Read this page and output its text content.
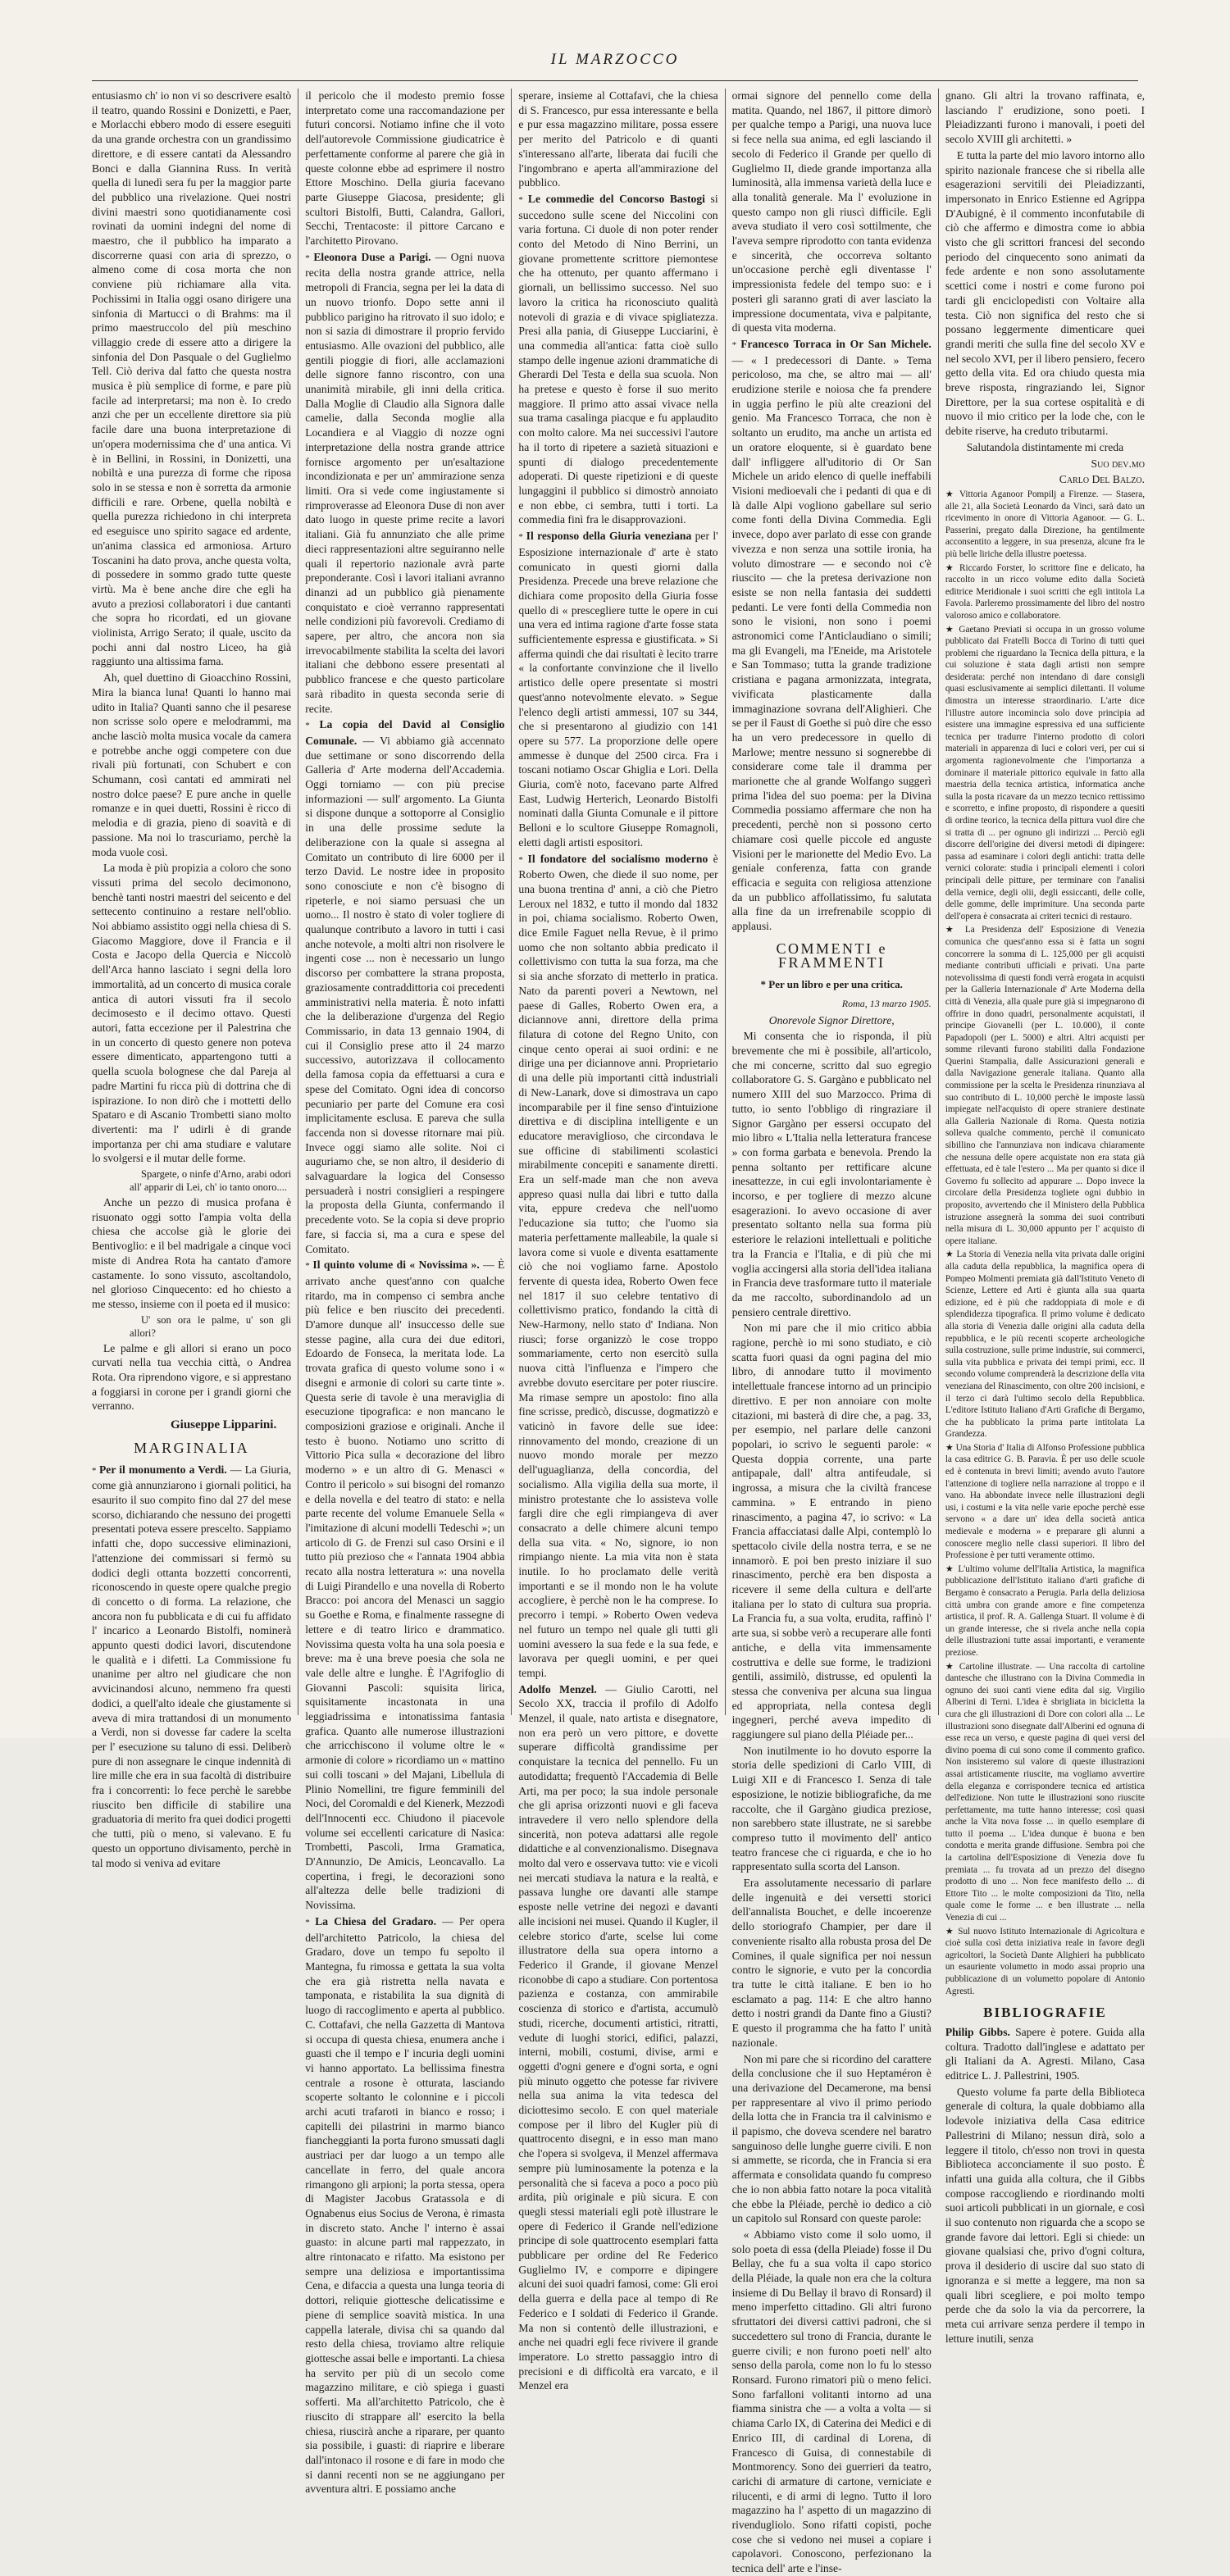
IL MARZOCCO

entusiasmo ch' io non vi so descrivere esaltò il teatro, quando Rossini e Donizetti, e Paer, e Morlacchi ebbero modo di essere eseguiti da una grande orchestra con un grandissimo direttore, e di essere cantati da Alessandro Bonci e dalla Giannina Russ. In verità quella di lunedì sera fu per la maggior parte del pubblico una rivelazione. Quei nostri divini maestri sono quotidianamente così rovinati da uomini indegni del nome di maestro, che il pubblico ha imparato a discorrerne quasi con aria di sprezzo, o almeno come di cosa morta che non conviene più richiamare alla vita. Pochissimi in Italia oggi osano dirigere una sinfonia di Martucci o di Brahms: ma il primo maestruccolo del più meschino villaggio crede di essere atto a dirigere la sinfonia del Don Pasquale o del Guglielmo Tell. Ciò deriva dal fatto che questa nostra musica è più semplice di forme, e pare più facile ad interpretarsi; ma non è. Io credo anzi che per un eccellente direttore sia più facile dare una buona interpretazione di un'opera modernissima che d' una antica. Vi è in Bellini, in Rossini, in Donizetti, una nobiltà e una purezza di forme che riposa solo in se stessa e non è sorretta da armonie difficili e rare. Orbene, quella nobiltà e quella purezza richiedono in chi interpreta ed eseguisce uno spirito sagace ed ardente, un'anima classica ed armoniosa. Arturo Toscanini ha dato prova, anche questa volta, di possedere in sommo grado tutte queste virtù. Ma è bene anche dire che egli ha avuto a preziosi collaboratori i due cantanti che sopra ho ricordati, ed un giovane violinista, Arrigo Serato; il quale, uscito da pochi anni dal nostro Liceo, ha già raggiunto una altissima fama.

Ah, quel duettino di Gioacchino Rossini, Mira la bianca luna! Quanti lo hanno mai udito in Italia? Quanti sanno che il pesarese non scrisse solo opere e melodrammi, ma anche lasciò molta musica vocale da camera e potrebbe anche oggi competere con due rivali più fortunati, con Schubert e con Schumann, così cantati ed ammirati nel nostro dolce paese? E pure anche in quelle romanze e in quei duetti, Rossini è ricco di melodia e di grazia, pieno di soavità e di passione. Ma noi lo trascuriamo, perchè la moda vuole così.

La moda è più propizia a coloro che sono vissuti prima del secolo decimonono, benchè tanti nostri maestri del seicento e del settecento continuino a restare nell'oblio. Noi abbiamo assistito oggi nella chiesa di S. Giacomo Maggiore, dove il Francia e il Costa e Jacopo della Quercia e Niccolò dell'Arca hanno lasciato i segni della loro immortalità, ad un concerto di musica corale antica di autori vissuti fra il secolo decimosesto e il decimo ottavo. Questi autori, fatta eccezione per il Palestrina che in un concerto di questo genere non poteva essere dimenticato, appartengono tutti a quella scuola bolognese che dal Pareja al padre Martini fu ricca più di dottrina che di ispirazione. Io non dirò che i mottetti dello Spataro e di Ascanio Trombetti siano molto divertenti: ma l' udirli è di grande importanza per chi ama studiare e valutare lo svolgersi e il mutar delle forme.

Spargete, o ninfe d'Arno, arabi odori all' apparir di Lei, ch' io tanto onoro....

Anche un pezzo di musica profana è risuonato oggi sotto l'ampia volta della chiesa che accolse già le glorie dei Bentivoglio: e il bel madrigale a cinque voci miste di Andrea Rota ha cantato d'amore castamente. Io sono vissuto, ascoltandolo, nel glorioso Cinquecento: ed ho chiesto a me stesso, insieme con il poeta ed il musico:

U' son ora le palme, u' son gli allori?

Le palme e gli allori si erano un poco curvati nella tua vecchia città, o Andrea Rota. Ora riprendono vigore, e si apprestano a foggiarsi in corone per i grandi giorni che verranno.

Giuseppe Lipparini.
MARGINALIA

* Per il monumento a Verdi. — La Giuria, come già annunziarono i giornali politici, ha esaurito il suo compito fino dal 27 del mese scorso, dichiarando che nessuno dei progetti presentati poteva essere prescelto. Sappiamo infatti che, dopo successive eliminazioni, l'attenzione dei commissari si fermò su dodici degli ottanta bozzetti concorrenti, riconoscendo in queste opere qualche pregio di concetto o di forma. La relazione, che ancora non fu pubblicata e di cui fu affidato l' incarico a Leonardo Bistolfi, nominerà appunto questi dodici lavori, discutendone le qualità e i difetti. La Commissione fu unanime per altro nel giudicare che non avvicinandosi alcuno, nemmeno fra questi dodici, a quell'alto ideale che giustamente si aveva di mira trattandosi di un monumento a Verdi, non si dovesse far cadere la scelta per l' esecuzione su taluno di essi. Deliberò pure di non assegnare le cinque indennità di lire mille che era in sua facoltà di distribuire fra i concorrenti: lo fece perchè le sarebbe riuscito ben difficile di stabilire una graduatoria di merito fra quei dodici progetti che tutti, più o meno, si valevano. E fu questo un opportuno divisamento, perchè in tal modo si veniva ad evitare

il pericolo che il modesto premio fosse interpretato come una raccomandazione per futuri concorsi. Notiamo infine che il voto dell'autorevole Commissione giudicatrice è perfettamente conforme al parere che già in queste colonne ebbe ad esprimere il nostro Ettore Moschino. Della giuria facevano parte Giuseppe Giacosa, presidente; gli scultori Bistolfi, Butti, Calandra, Gallori, Secchi, Trentacoste: il pittore Carcano e l'architetto Pirovano.

* Eleonora Duse a Parigi. — Ogni nuova recita della nostra grande attrice, nella metropoli di Francia, segna per lei la data di un nuovo trionfo. Dopo sette anni il pubblico parigino ha ritrovato il suo idolo; e non si sazia di dimostrare il proprio fervido entusiasmo. Alle ovazioni del pubblico, alle gentili pioggie di fiori, alle acclamazioni delle signore fanno riscontro, con una unanimità mirabile, gli inni della critica. Dalla Moglie di Claudio alla Signora dalle camelie, dalla Seconda moglie alla Locandiera e al Viaggio di nozze ogni interpretazione della nostra grande attrice fornisce argomento per un'esaltazione incondizionata e per un' ammirazione senza limiti. Ora si vede come ingiustamente si rimproverasse ad Eleonora Duse di non aver dato luogo in queste prime recite a lavori italiani. Già fu annunziato che alle prime dieci rappresentazioni altre seguiranno nelle quali il repertorio nazionale avrà parte preponderante. Così i lavori italiani avranno dinanzi ad un pubblico già pienamente conquistato e cioè verranno rappresentati nelle condizioni più favorevoli. Crediamo di sapere, per altro, che ancora non sia irrevocabilmente stabilita la scelta dei lavori italiani che debbono essere presentati al pubblico francese e che questo particolare sarà ribadito in questa seconda serie di recite.

* La copia del David al Consiglio Comunale. — Vi abbiamo già accennato due settimane or sono discorrendo della Galleria d' Arte moderna dell'Accademia. Oggi torniamo — con più precise informazioni — sull' argomento. La Giunta si dispone dunque a sottoporre al Consiglio in una delle prossime sedute la deliberazione con la quale si assegna al Comitato un contributo di lire 6000 per il terzo David. Le nostre idee in proposito sono conosciute e non c'è bisogno di ripeterle, e noi siamo persuasi che un uomo... Il nostro è stato di voler togliere di qualunque contributo a lavoro in tutti i casi anche notevole, a molti altri non risolvere le ingenti cose ... non è necessario un lungo discorso per combattere la strana proposta, graziosamente contraddittoria coi precedenti amministrativi nella materia. È noto infatti che la deliberazione d'urgenza del Regio Commissario, in data 13 gennaio 1904, di cui il Consiglio prese atto il 24 marzo successivo, autorizzava il collocamento della famosa copia da effettuarsi a cura e spese del Comitato. Ogni idea di concorso pecuniario per parte del Comune era così implicitamente esclusa. E pareva che sulla faccenda non si dovesse ritornare mai più. Invece oggi siamo alle solite. Noi ci auguriamo che, se non altro, il desiderio di salvaguardare la logica del Consesso persuaderà i nostri consiglieri a respingere la proposta della Giunta, confermando il precedente voto. Se la copia si deve proprio fare, si faccia si, ma a cura e spese del Comitato.

* Il quinto volume di « Novissima ». — È arrivato anche quest'anno con qualche ritardo, ma in compenso ci sembra anche più felice e ben riuscito dei precedenti. D'amore dunque all' insuccesso delle sue stesse pagine, alla cura dei due editori, Edoardo de Fonseca, la meritata lode. La trovata grafica di questo volume sono i « disegni e armonie di colori su carte tinte ». Questa serie di tavole è una meraviglia di esecuzione tipografica: e non mancano le composizioni graziose e originali. Anche il testo è buono. Notiamo uno scritto di Vittorio Pica sulla « decorazione del libro moderno » e un altro di G. Menasci « Contro il pericolo » sui bisogni del romanzo e della novella e del teatro di stato: e nella parte recente del volume Emanuele Sella « l'imitazione di alcuni modelli Tedeschi »; un articolo di G. de Frenzi sul caso Orsini e il tutto più prezioso che « l'annata 1904 abbia recato alla nostra letteratura »: una novella di Luigi Pirandello e una novella di Roberto Bracco: poi ancora del Menasci un saggio su Goethe e Roma, e finalmente rassegne di lettere e di teatro lirico e drammatico. Novissima questa volta ha una sola poesia e breve: ma è una breve poesia che sola ne vale delle altre e lunghe. È l'Agrifoglio di Giovanni Pascoli: squisita lirica, squisitamente incastonata in una leggiadrissima e intonatissima fantasia grafica. Quanto alle numerose illustrazioni che arricchiscono il volume oltre le « armonie di colore » ricordiamo un « mattino sui colli toscani » del Majani, Libellula di Plinio Nomellini, tre figure femminili del Noci, del Coromaldi e del Kienerk, Mezzodì dell'Innocenti ecc. Chiudono il piacevole volume sei eccellenti caricature di Nasica: Trombetti, Pascoli, Irma Gramatica, D'Annunzio, De Amicis, Leoncavallo. La copertina, i fregi, le decorazioni sono all'altezza delle belle tradizioni di Novissima.

* La Chiesa del Gradaro. — Per opera dell'architetto Patricolo, la chiesa del Gradaro, dove un tempo fu sepolto il Mantegna, fu rimossa e gettata la sua volta che era già ristretta nella navata e tamponata, e ristabilita la sua dignità di luogo di raccoglimento e aperta al pubblico. C. Cottafavi, che nella Gazzetta di Mantova si occupa di questa chiesa, enumera anche i guasti che il tempo e l' incuria degli uomini vi hanno apportato. La bellissima finestra centrale a rosone è otturata, lasciando scoperte soltanto le colonnine e i piccoli archi acuti trafaroti in bianco e rosso; i capitelli dei pilastrini in marmo bianco fiancheggianti la porta furono smussati dagli austriaci per dar luogo a un tempo alle cancellate in ferro, del quale ancora rimangono gli arpioni; la porta stessa, opera di Magister Jacobus Gratassola e di Ognabenus eius Socius de Verona, è rimasta in discreto stato. Anche l' interno è assai guasto: in alcune parti mal rappezzato, in altre rintonacato e rifatto. Ma esistono per sempre una deliziosa e importantissima Cena, e difaccia a questa una lunga teoria di dottori, reliquie giottesche delicatissime e piene di semplice soavità mistica. In una cappella laterale, divisa chi sa quando dal resto della chiesa, troviamo altre reliquie giottesche assai belle e importanti. La chiesa ha servito per più di un secolo come magazzino militare, e ciò spiega i guasti sofferti. Ma all'architetto Patricolo, che è riuscito di strappare all' esercito la bella chiesa, riuscirà anche a riparare, per quanto sia possibile, i guasti: di riaprire e liberare dall'intonaco il rosone e di fare in modo che si danni recenti non se ne aggiungano per avventura altri. E possiamo anche

sperare, insieme al Cottafavi, che la chiesa di S. Francesco, pur essa interessante e bella e pur essa magazzino militare, possa essere per merito del Patricolo e di quanti s'interessano all'arte, liberata dai fucili che l'ingombrano e aperta all'ammirazione del pubblico.

* Le commedie del Concorso Bastogi si succedono sulle scene del Niccolini con varia fortuna. Ci duole di non poter render conto del Metodo di Nino Berrini, un giovane promettente scrittore piemontese che ha ottenuto, per quanto affermano i giornali, un bellissimo successo. Nel suo lavoro la critica ha riconosciuto qualità notevoli di grazia e di vivace spigliatezza. Presi alla pania, di Giuseppe Lucciarini, è una commedia all'antica: fatta cioè sullo stampo delle ingenue azioni drammatiche di Gherardi Del Testa e della sua scuola. Non ha pretese e questo è forse il suo merito maggiore. Il primo atto assai vivace nella sua trama casalinga piacque e fu applaudito con molto calore. Ma nei successivi l'autore ha il torto di ripetere a sazietà situazioni e spunti di dialogo precedentemente adoperati. Di queste ripetizioni e di queste lungaggini il pubblico si dimostrò annoiato e non ebbe, ci sembra, tutti i torti. La commedia finì fra le disapprovazioni.

* Il responso della Giuria veneziana per l' Esposizione internazionale d' arte è stato comunicato in questi giorni dalla Presidenza. Precede una breve relazione che dichiara come proposito della Giuria fosse quello di « prescegliere tutte le opere in cui una vera ed intima ragione d'arte fosse stata sufficientemente espressa e giustificata. » Si afferma quindi che dai risultati è lecito trarre « la confortante convinzione che il livello artistico delle opere presentate si mostri quest'anno notevolmente elevato. » Segue l'elenco degli artisti ammessi, 107 su 344, che si presentarono al giudizio con 141 opere su 577. La proporzione delle opere ammesse è dunque del 2500 circa. Fra i toscani notiamo Oscar Ghiglia e Lori. Della Giuria, com'è noto, facevano parte Alfred East, Ludwig Herterich, Leonardo Bistolfi nominati dalla Giunta Comunale e il pittore Belloni e lo scultore Giuseppe Romagnoli, eletti dagli artisti espositori.

* Il fondatore del socialismo moderno è Roberto Owen, che diede il suo nome, per una buona trentina d' anni, a ciò che Pietro Leroux nel 1832, e tutto il mondo dal 1832 in poi, chiama socialismo. Roberto Owen, dice Emile Faguet nella Revue, è il primo uomo che non soltanto abbia predicato il collettivismo con tutta la sua forza, ma che si sia anche sforzato di metterlo in pratica. Nato da parenti poveri a Newtown, nel paese di Galles, Roberto Owen era, a diciannove anni, direttore della prima filatura di cotone del Regno Unito, con cinque cento operai ai suoi ordini: e ne dirige una per diciannove anni. Proprietario di una delle più importanti città industriali di New-Lanark, dove si dimostrava un capo incomparabile per il fine senso d'intuizione direttiva e di disciplina intelligente e un educatore meraviglioso, che circondava le sue officine di stabilimenti scolastici mirabilmente concepiti e sanamente diretti. Era un self-made man che non aveva appreso quasi nulla dai libri e tutto dalla vita, eppure credeva che nell'uomo l'educazione sia tutto; che l'uomo sia materia perfettamente malleabile, la quale si lavora come si vuole e diventa esattamente ciò che noi vogliamo farne. Apostolo fervente di questa idea, Roberto Owen fece nel 1817 il suo celebre tentativo di collettivismo pratico, fondando la città di New-Harmony, nello stato d' Indiana. Non riuscì; forse organizzò le cose troppo sommariamente, certo non esercitò sulla nuova città l'influenza e l'impero che avrebbe dovuto esercitare per poter riuscire. Ma rimase sempre un apostolo: fino alla fine scrisse, predicò, discusse, dogmatizzò e vaticinò in favore delle sue idee: rinnovamento del mondo, creazione di un nuovo mondo morale per mezzo dell'uguaglianza, della concordia, del socialismo. Alla vigilia della sua morte, il ministro protestante che lo assisteva volle fargli dire che egli rimpiangeva di aver consacrato a delle chimere alcuni tempo della sua vita. « No, signore, io non rimpiango niente. La mia vita non è stata inutile. Io ho proclamato delle verità importanti e se il mondo non le ha volute accogliere, è perchè non le ha comprese. Io precorro i tempi. » Roberto Owen vedeva nel futuro un tempo nel quale gli tutti gli uomini avessero la sua fede e la sua fede, e lavorava per quegli uomini, e per quei tempi.

Adolfo Menzel. — Giulio Carotti, nel Secolo XX, traccia il profilo di Adolfo Menzel, il quale, nato artista e disegnatore, non era però un vero pittore, e dovette superare difficoltà grandissime per conquistare la tecnica del pennello. Fu un autodidatta; frequentò l'Accademia di Belle Arti, ma per poco; la sua indole personale che gli aprisa orizzonti nuovi e gli faceva intravedere il vero nello splendore della sincerità, non poteva adattarsi alle regole didattiche e al convenzionalismo. Disegnava molto dal vero e osservava tutto: vie e vicoli nei mercati studiava la natura e la realtà, e passava lunghe ore davanti alle stampe esposte nelle vetrine dei negozi e davanti alle incisioni nei musei. Quando il Kugler, il celebre storico d'arte, scelse lui come illustratore della sua opera intorno a Federico il Grande, il giovane Menzel riconobbe di capo a studiare. Con portentosa pazienza e costanza, con ammirabile coscienza di storico e d'artista, accumulò studi, ricerche, documenti artistici, ritratti, vedute di luoghi storici, edifici, palazzi, interni, mobili, costumi, divise, armi e oggetti d'ogni genere e d'ogni sorta, e ogni più minuto oggetto che potesse far rivivere nella sua anima la vita tedesca del diciottesimo secolo. E con quel materiale compose per il libro del Kugler più di quattrocento disegni, e in esso man mano che l'opera si svolgeva, il Menzel affermava sempre più luminosamente la potenza e la personalità che si faceva a poco a poco più ardita, più originale e più sicura. E con quegli stessi materiali egli potè illustrare le opere di Federico il Grande nell'edizione principe di sole quattrocento esemplari fatta pubblicare per ordine del Re Federico Guglielmo IV, e comporre e dipingere alcuni dei suoi quadri famosi, come: Gli eroi della guerra e della pace al tempo di Re Federico e I soldati di Federico il Grande. Ma non si contentò delle illustrazioni, e anche nei quadri egli fece rivivere il grande imperatore. Lo stretto passaggio intro di precisioni e di difficoltà era varcato, e il Menzel era

ormai signore del pennello come della matita. Quando, nel 1867, il pittore dimorò per qualche tempo a Parigi, una nuova luce si fece nella sua anima, ed egli lasciando il secolo di Federico il Grande per quello di Guglielmo II, diede grande importanza alla luminosità, alla immensa varietà della luce e alla tonalità generale. Ma l' evoluzione in questo campo non gli riuscì difficile. Egli aveva studiato il vero così sottilmente, che l'aveva sempre riprodotto con tanta evidenza e sincerità, che occorreva soltanto un'occasione perchè egli diventasse l' impressionista fedele del tempo suo: e i posteri gli saranno grati di aver lasciato la impressione documentata, viva e palpitante, di questa vita moderna.

* Francesco Torraca in Or San Michele. — « I predecessori di Dante. » Tema pericoloso, ma che, se altro mai — all' erudizione sterile e noiosa che fa prendere in uggia perfino le più alte creazioni del genio. Ma Francesco Torraca, che non è soltanto un erudito, ma anche un artista ed un oratore eloquente, si è guardato bene dall' infliggere all'uditorio di Or San Michele un arido elenco di quelle ineffabili Visioni medioevali che i pedanti di qua e di là dalle Alpi vogliono gabellare sul serio come fonti della Divina Commedia. Egli invece, dopo aver parlato di esse con grande vivezza e non senza una sottile ironia, ha voluto dimostrare — e secondo noi c'è riuscito — che la pretesa derivazione non esiste se non nella fantasia dei suddetti pedanti. Le vere fonti della Commedia non sono le visioni, non sono i poemi astronomici come l'Anticlaudiano o simili; ma gli Evangeli, ma l'Eneide, ma Aristotele e San Tommaso; tutta la grande tradizione cristiana e pagana armonizzata, integrata, vivificata plasticamente dalla immaginazione sovrana dell'Alighieri. Che se per il Faust di Goethe si può dire che esso ha un vero predecessore in quello di Marlowe; mentre nessuno si sognerebbe di considerare come tale il dramma per marionette che al grande Wolfango suggerì prima l'idea del suo poema: per la Divina Commedia possiamo affermare che non ha precedenti, perchè non si possono certo chiamare così quelle piccole ed anguste Visioni per le marionette del Medio Evo. La geniale conferenza, fatta con grande efficacia e seguita con religiosa attenzione da un pubblico affollatissimo, fu salutata alla fine da un irrefrenabile scoppio di applausi.

COMMENTI e FRAMMENTI
* Per un libro e per una critica.
Roma, 13 marzo 1905.
Onorevole Signor Direttore,

Mi consenta che io risponda, il più brevemente che mi è possibile, all'articolo, che mi concerne, scritto dal suo egregio collaboratore G. S. Gargàno e pubblicato nel numero XIII del suo Marzocco. Prima di tutto, io sento l'obbligo di ringraziare il Signor Gargàno per essersi occupato del mio libro « L'Italia nella letteratura francese » con forma garbata e benevola. Prendo la penna soltanto per rettificare alcune inesattezze, in cui egli involontariamente è incorso, e per togliere di mezzo alcune esagerazioni. Io avevo occasione di aver presentato soltanto nella sua forma più esteriore le relazioni intellettuali e politiche tra la Francia e l'Italia, e di più che mi voglia accingersi alla storia dell'idea italiana in Francia deve trasformare tutto il materiale da me raccolto, subordinandolo ad un pensiero centrale direttivo.

Non mi pare che il mio critico abbia ragione, perchè io mi sono studiato, e ciò scatta fuori quasi da ogni pagina del mio libro, di annodare tutto il movimento intellettuale francese intorno ad un principio direttivo. E per non annoiare con molte citazioni, mi basterà di dire che, a pag. 33, per esempio, nel parlare delle canzoni popolari, io scrivo le seguenti parole: « Questa doppia corrente, una parte antipapale, dall' altra antifeudale, si ingrossa, a misura che la civiltà francese cammina. » E entrando in pieno rinascimento, a pagina 47, io scrivo: « La Francia affacciatasi dalle Alpi, contemplò lo spettacolo civile della nostra terra, e se ne innamorò. E poi ben presto iniziare il suo rinascimento, perchè era ben disposta a ricevere il seme della cultura e dell'arte italiana per lo stato di cultura sua propria. La Francia fu, a sua volta, erudita, raffinò l' arte sua, si sobbe verò a recuperare alle fonti antiche, e della vita immensamente costruttiva e delle sue forme, le tradizioni gentili, assimilò, distrusse, ed opulentì la stessa che conveniva per alcuna sua lingua ed appropriata, nella contesa degli ingegneri, perché aveva impedito di raggiungere sul piano della Pléiade per...

Non inutilmente io ho dovuto esporre la storia delle spedizioni di Carlo VIII, di Luigi XII e di Francesco I. Senza di tale esposizione, le notizie bibliografiche, da me raccolte, che il Gargàno giudica preziose, non sarebbero state illustrate, ne si sarebbe compreso tutto il movimento dell' antico teatro francese che ci riguarda, e che io ho rappresentato sulla scorta del Lanson.

Era assolutamente necessario di parlare delle ingenuità e dei versetti storici dell'annalista Bouchet, e delle incoerenze dello storiografo Champier, per dare il conveniente risalto alla robusta prosa del De Comines, il quale significa per noi nessun contro le signorie, e vuto per la concordia tra tutte le città italiane. E ben io ho esclamato a pag. 114: E che altro hanno detto i nostri grandi da Dante fino a Giusti? E questo il programma che ha fatto l' unità nazionale.

Non mi pare che si ricordino del carattere della conclusione che il suo Heptaméron è una derivazione del Decamerone, ma bensi per rappresentare al vivo il primo periodo della lotta che in Francia tra il calvinismo e il papismo, che doveva scendere nel baratro sanguinoso delle lunghe guerre civili. E non si ammette, se ricorda, che in Francia si era affermata e consolidata quando fu compreso che io non abbia fatto notare la poca vitalità che ebbe la Pléiade, perchè io dedico a ciò un capitolo sul Ronsard con queste parole:

« Abbiamo visto come il solo uomo, il solo poeta di essa (della Pleiade) fosse il Du Bellay, che fu a sua volta il capo storico della Pléiade, la quale non era che la coltura insieme di Du Bellay il bravo di Ronsard) il meno imperfetto cittadino. Gli altri furono sfruttatori dei diversi cattivi padroni, che si succedettero sul trono di Francia, durante le guerre civili; e non furono poeti nell' alto senso della parola, come non lo fu lo stesso Ronsard. Furono rimatori più o meno felici. Sono farfalloni volitanti intorno ad una fiamma sinistra che — a volta a volta — si chiama Carlo IX, di Caterina dei Medici e di Enrico III, di cardinal di Lorena, di Francesco di Guisa, di connestabile di Montmorency. Sono dei guerrieri da teatro, carichi di armature di cartone, verniciate e rilucenti, e di armi di legno. Tutto il loro magazzino ha l' aspetto di un magazzino di rivendugliolo. Sono rifatti copisti, poche cose che si vedono nei musei a copiare i capolavori. Conoscono, perfezionano la tecnica dell' arte e l'inse-

gnano. Gli altri la trovano raffinata, e, lasciando l' erudizione, sono poeti. I Pleiadizzanti furono i manovali, i poeti del secolo XVIII gli architetti. »

E tutta la parte del mio lavoro intorno allo spirito nazionale francese che si ribella alle esagerazioni servitili dei Pleiadizzanti, impersonato in Enrico Estienne ed Agrippa D'Aubigné, è il commento inconfutabile di ciò che affermo e dimostra come io abbia visto che gli scrittori francesi del secondo periodo del cinquecento sono animati da fede ardente e non sono assolutamente scettici come i nostri e come furono poi tardi gli enciclopedisti con Voltaire alla testa. Ciò non significa del resto che si possano leggermente dimenticare quei grandi meriti che sulla fine del secolo XV e nel secolo XVI, per il libero pensiero, fecero getto della vita. Ed ora chiudo questa mia breve risposta, ringraziando lei, Signor Direttore, per la sua cortese ospitalità e di nuovo il mio critico per la lode che, con le debite riserve, ha creduto tributarmi.

Salutandola distintamente mi creda

Suo dev.mo
Carlo Del Balzo.

★ Vittoria Aganoor Pompilj a Firenze. — Stasera, alle 21, alla Società Leonardo da Vinci, sarà dato un ricevimento in onore di Vittoria Aganoor. — G. L. Passerini, pregato dalla Direzione, ha gentilmente acconsentito a leggere, in sua presenza, alcune fra le più belle liriche della illustre poetessa.

★ Riccardo Forster, lo scrittore fine e delicato, ha raccolto in un ricco volume edito dalla Società editrice Meridionale i suoi scritti che egli intitola La Favola. Parleremo prossimamente del libro del nostro valoroso amico e collaboratore.

★ Gaetano Previati si occupa in un grosso volume pubblicato dai Fratelli Bocca di Torino di tutti quei problemi che riguardano la Tecnica della pittura, e la cui soluzione è stata dagli artisti non sempre desiderata: perché non intendano di dare consigli quasi esclusivamente ai semplici dilettanti. Il volume dimostra un interesse straordinario. L'arte dice l'illustre autore incomincia solo dove principia ad esistere una immagine espressiva ed una sufficiente tecnica per tradurre l'interno prodotto di colori materiali in apparenza di luci e colori veri, per cui si argomenta ragionevolmente che l'importanza a dominare il materiale pittorico equivale in fatto alla maestria della tecnica artistica, informatica anche sulla la posta ricavare da un mezzo tecnico rettissimo e scorretto, e infine proposto, di rispondere a quesiti di ordine teorico, la tecnica della pittura vuol dire che si tratta di ... per ognuno gli indirizzi ... Perciò egli discorre dell'origine dei diversi metodi di dipingere: passa ad esaminare i colori degli antichi: tratta delle vernici colorate: studia i principali elementi i colori principali delle pitture, per terminare con l'analisi della vernice, degli olii, degli essiccanti, delle colle, delle gomme, delle imprimiture. Una seconda parte dell'opera è consacrata ai criteri tecnici di restauro.

★ La Presidenza dell' Esposizione di Venezia comunica che quest'anno essa si è fatta un sogni concorrere la somma di L. 125,000 per gli acquisti mediante contributi ufficiali e privati. Una parte notevolissima di questi fondi verrà erogata in acquisti per la Galleria Internazionale d' Arte Moderna della città di Venezia, alla quale pure già si impegnarono di offrire in dono quadri, personalmente acquistati, il principe Giovanelli (per L. 10.000), il conte Papadopoli (per L. 5000) e altri. Altri acquisti per somme rilevanti furono stabiliti dalla Fondazione Querini Stampalia, dalle Assicurazioni generali e dalla Navigazione generale italiana. Quanto alla commissione per la scelta le Presidenza rinunziava al suo contributo di L. 10,000 perchè le imposte lassù impiegate nell'acquisto di opere straniere destinate alla Galleria Nazionale di Roma. Questa notizia solleva qualche commento, perchè il comunicato sibillino che l'annunziava non indicava chiaramente che nessuna delle opere acquistate non era stata già effettuata, ed è tale l'estero ... Ma per quanto si dice il Governo fu sollecito ad appurare ... Dopo invece la circolare della Presidenza togliete ogni dubbio in proposito, avvertendo che il Ministero della Pubblica istruzione assegnerà la somma dei suoi contributi nella misura di L. 30,000 appunto per l' acquisto di opere italiane.

★ La Storia di Venezia nella vita privata dalle origini alla caduta della repubblica, la magnifica opera di Pompeo Molmenti premiata già dall'Istituto Veneto di Scienze, Lettere ed Arti è giunta alla sua quarta edizione, ed è più che raddoppiata di mole e di splendidezza tipografica. Il primo volume è dedicato alla storia di Venezia dalle origini alla caduta della repubblica, e le più recenti scoperte archeologiche sulla costruzione, sulle prime industrie, sui commerci, sulla vita pubblica e privata dei tempi primi, ecc. Il secondo volume comprenderà la descrizione della vita veneziana del Rinascimento, con oltre 200 incisioni, e il terzo ci darà l'ultimo secolo della Repubblica. L'editore Istituto Italiano d'Arti Grafiche di Bergamo, che ha pubblicato la prima parte intitolata La Grandezza.

★ Una Storia d' Italia di Alfonso Professione pubblica la casa editrice G. B. Paravia. È per uso delle scuole ed è contenuta in brevi limiti; avendo avuto l'autore l'attenzione di togliere nella narrazione al troppo e il vano. Ha abbondate invece nelle illustrazioni degli usi, i costumi e la vita nelle varie epoche perchè esse servono « a dare un' idea della società antica medievale e moderna » e preparare gli alunni a conoscere meglio nelle classi superiori. Il libro del Professione è per tutti veramente ottimo.

★ L'ultimo volume dell'Italia Artistica, la magnifica pubblicazione dell'Istituto italiano d'arti grafiche di Bergamo è consacrato a Perugia. Parla della deliziosa città umbra con grande amore e fine competenza artistica, il prof. R. A. Gallenga Stuart. Il volume è di un grande interesse, che si rivela anche nella copia delle illustrazioni tutte assai importanti, e veramente preziose.

★ Cartoline illustrate. — Una raccolta di cartoline dantesche che illustrano con la Divina Commedia in ognuno dei suoi canti viene edita dal sig. Virgilio Alberini di Terni. L'idea è sbrigliata in bicicletta la cura che gli illustrazioni di Dore con colori alla ... Le illustrazioni sono disegnate dall'Alberini ed ognuna di esse reca un verso, e queste pagina di quei versi del divino poema di cui sono come il commento grafico. Non insisteremo sul valore di queste illustrazioni assai artisticamente riuscite, ma vogliamo avvertire della eleganza e corrispondere tecnica ed artistica dell'edizione. Non tutte le illustrazioni sono riuscite perfettamente, ma tutte hanno interesse; così quasi anche la Vita nova fosse ... in quello esemplare di tutto il poema ... L'idea dunque è buona e ben condotta e merita grande diffusione. Sembra poi che la cartolina dell'Esposizione di Venezia dove fu premiata ... fu trovata ad un prezzo del disegno prodotto di uno ... Non fece manifesto dello ... di Ettore Tito ... le molte composizioni da Tito, nella quale come le forme ... e ben illustrate ... nella Venezia di cui ...

★ Sul nuovo Istituto Internazionale di Agricoltura e cioè sulla così detta iniziativa reale in favore degli agricoltori, la Società Dante Alighieri ha pubblicato un esauriente volumetto in modo assai proprio una pubblicazione di un volumetto popolare di Antonio Agresti.

BIBLIOGRAFIE

Philip Gibbs. Sapere è potere. Guida alla coltura. Tradotto dall'inglese e adattato per gli Italiani da A. Agresti. Milano, Casa editrice L. J. Pallestrini, 1905.

Questo volume fa parte della Biblioteca generale di coltura, la quale dobbiamo alla lodevole iniziativa della Casa editrice Pallestrini di Milano; nessun dirà, solo a leggere il titolo, ch'esso non trovi in questa Biblioteca acconciamente il suo posto. È infatti una guida alla coltura, che il Gibbs compose raccogliendo e riordinando molti suoi articoli pubblicati in un giornale, e così il suo contenuto non riguarda che a scopo se grande favore dai lettori. Egli si chiede: un giovane qualsiasi che, privo d'ogni coltura, prova il desiderio di uscire dal suo stato di ignoranza e si mette a leggere, ma non sa quali libri scegliere, e poi molto tempo perde che da solo la via da percorrere, la meta cui arrivare senza perdere il tempo in letture inutili, senza
